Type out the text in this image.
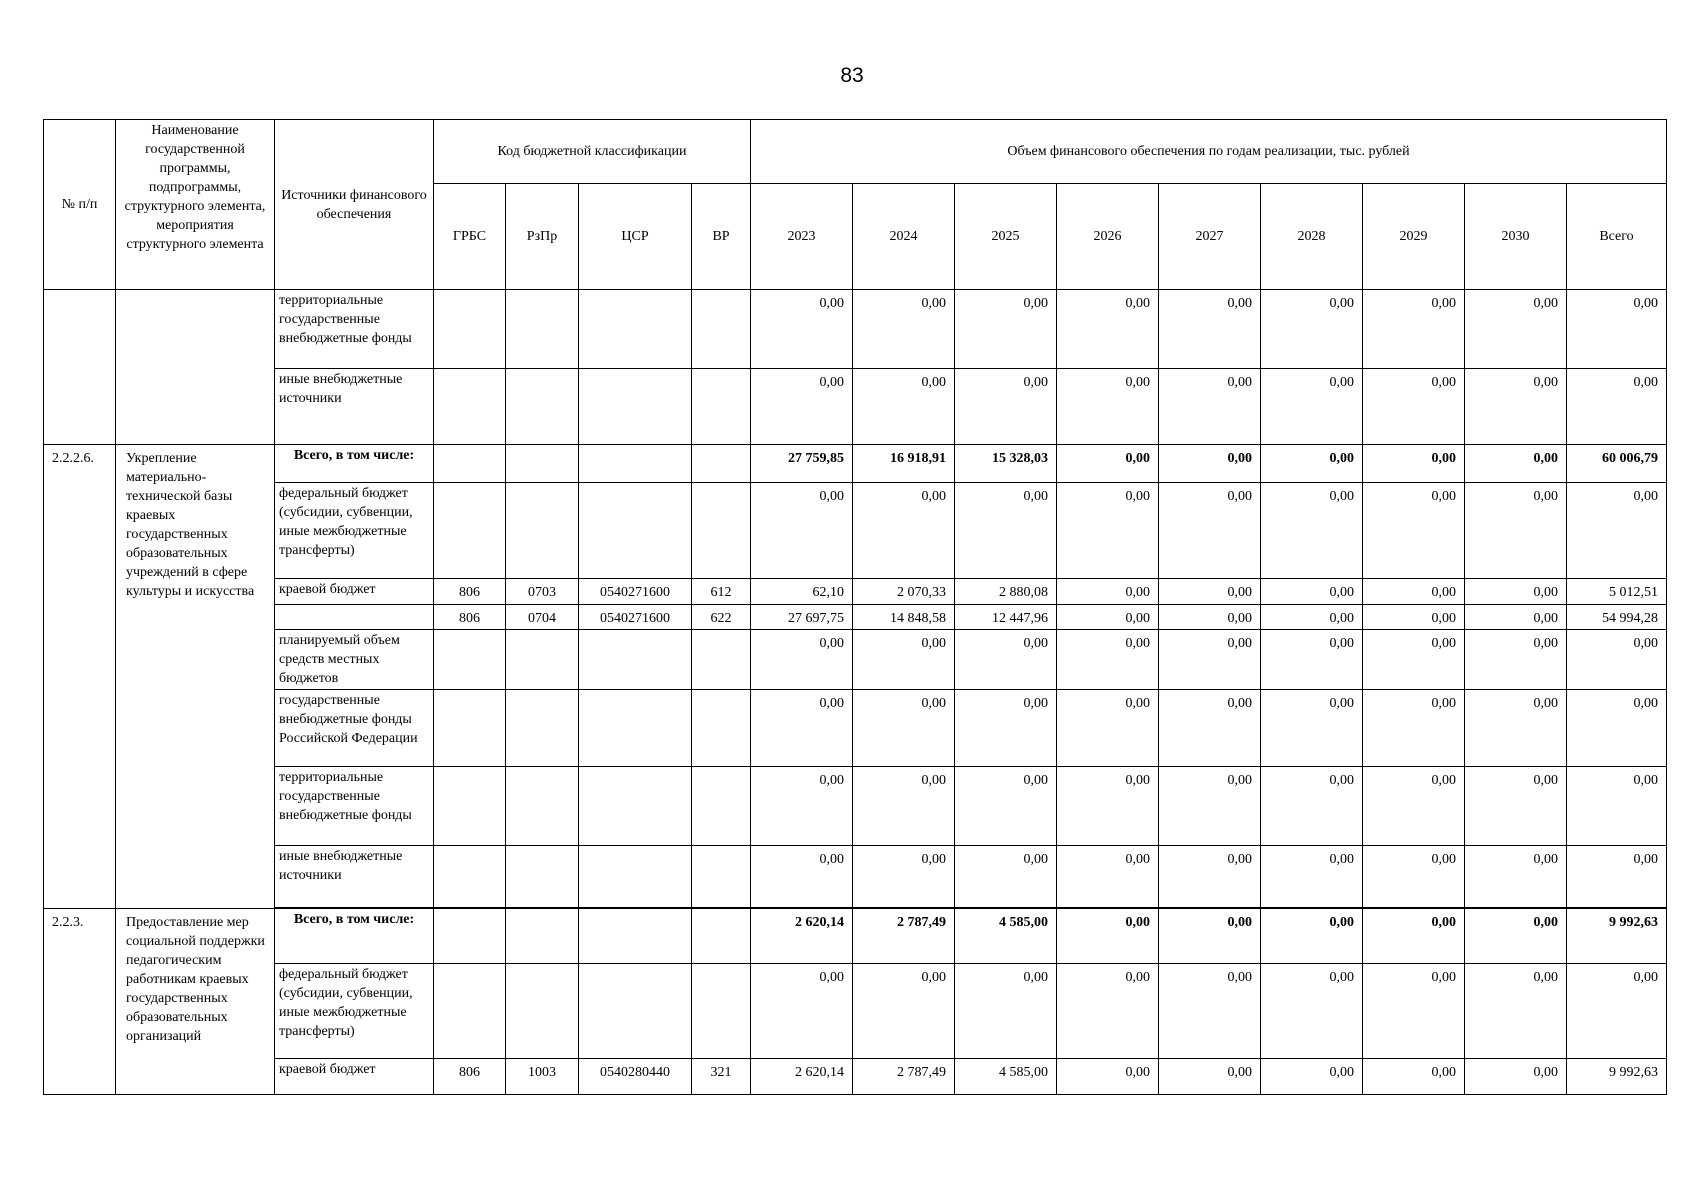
83
№ п/п	Наименование государственной программы, подпрограммы, структурного элемента, мероприятия структурного элемента	Источники финансового обеспечения	Код бюджетной классификации				Объем финансового обеспечения по годам реализации, тыс. рублей								
			ГРБС	РзПр	ЦСР	ВР	2023	2024	2025	2026	2027	2028	2029	2030	Всего
		территориальные государственные внебюджетные фонды					0,00	0,00	0,00	0,00	0,00	0,00	0,00	0,00	0,00
		иные внебюджетные источники					0,00	0,00	0,00	0,00	0,00	0,00	0,00	0,00	0,00
2.2.2.6.	Укрепление материально-технической базы краевых государственных образовательных учреждений в сфере культуры и искусства	Всего, в том числе:					27 759,85	16 918,91	15 328,03	0,00	0,00	0,00	0,00	0,00	60 006,79
		федеральный бюджет (субсидии, субвенции, иные межбюджетные трансферты)					0,00	0,00	0,00	0,00	0,00	0,00	0,00	0,00	0,00
		краевой бюджет	806	0703	0540271600	612	62,10	2 070,33	2 880,08	0,00	0,00	0,00	0,00	0,00	5 012,51
			806	0704	0540271600	622	27 697,75	14 848,58	12 447,96	0,00	0,00	0,00	0,00	0,00	54 994,28
		планируемый объем средств местных бюджетов					0,00	0,00	0,00	0,00	0,00	0,00	0,00	0,00	0,00
		государственные внебюджетные фонды Российской Федерации					0,00	0,00	0,00	0,00	0,00	0,00	0,00	0,00	0,00
		территориальные государственные внебюджетные фонды					0,00	0,00	0,00	0,00	0,00	0,00	0,00	0,00	0,00
		иные внебюджетные источники					0,00	0,00	0,00	0,00	0,00	0,00	0,00	0,00	0,00

2.2.3.	Предоставление мер социальной поддержки педагогическим работникам краевых государственных образовательных организаций	Всего, в том числе:					2 620,14	2 787,49	4 585,00	0,00	0,00	0,00	0,00	0,00	9 992,63
		федеральный бюджет (субсидии, субвенции, иные межбюджетные трансферты)					0,00	0,00	0,00	0,00	0,00	0,00	0,00	0,00	0,00
		краевой бюджет	806	1003	0540280440	321	2 620,14	2 787,49	4 585,00	0,00	0,00	0,00	0,00	0,00	9 992,63
